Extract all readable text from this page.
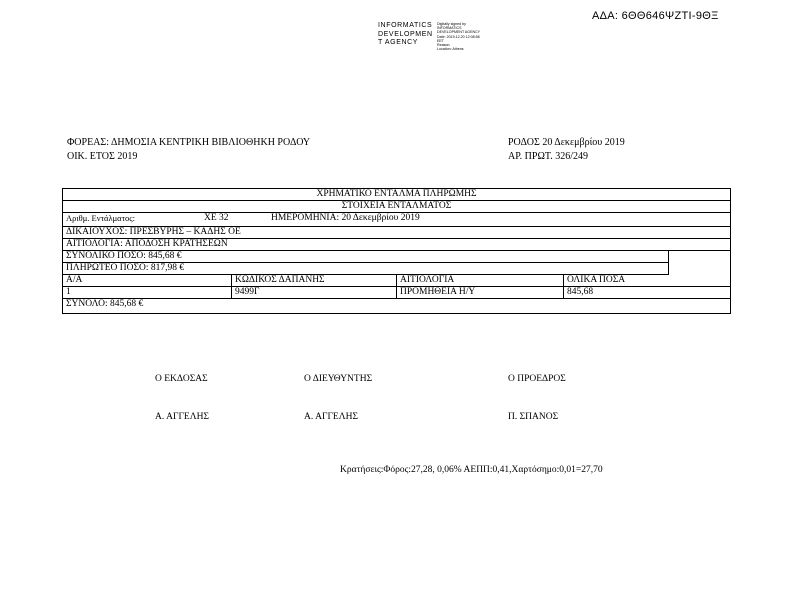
ΑΔΑ: 6ΘΘ646ΨΖΤΙ-9ΘΞ
INFORMATICS
DEVELOPMEN
T AGENCY
Digitally signed by
INFORMATICS
DEVELOPMENT AGENCY
Date: 2019.12.20 12:08:58
EET
Reason:
Location: Athens
ΦΟΡΕΑΣ: ΔΗΜΟΣΙΑ ΚΕΝΤΡΙΚΗ ΒΙΒΛΙΟΘΗΚΗ ΡΟΔΟΥ
ΟΙΚ. ΕΤΟΣ 2019
ΡΟΔΟΣ 20 Δεκεμβρίου 2019
ΑΡ. ΠΡΩΤ. 326/249
ΧΡΗΜΑΤΙΚΟ ΕΝΤΑΛΜΑ ΠΛΗΡΩΜΗΣ
ΣΤΟΙΧΕΙΑ ΕΝΤΑΛΜΑΤΟΣ
Αριθμ. Εντάλματος:	ΧΕ 32	ΗΜΕΡΟΜΗΝΙΑ: 20 Δεκεμβρίου 2019
ΔΙΚΑΙΟΥΧΟΣ: ΠΡΕΣΒΥΡΗΣ – ΚΑΔΗΣ ΟΕ
ΑΙΤΙΟΛΟΓΙΑ: ΑΠΟΔΟΣΗ ΚΡΑΤΗΣΕΩΝ
ΣΥΝΟΛΙΚΟ ΠΟΣΟ: 845,68 €
ΠΛΗΡΩΤΕΟ ΠΟΣΟ: 817,98 €
Α/Α	ΚΩΔΙΚΟΣ ΔΑΠΑΝΗΣ	ΑΙΤΙΟΛΟΓΙΑ	ΟΛΙΚΑ ΠΟΣΑ
1	9499Γ	ΠΡΟΜΗΘΕΙΑ Η/Υ	845,68
ΣΥΝΟΛΟ: 845,68 €
Ο ΕΚΔΟΣΑΣ	Ο ΔΙΕΥΘΥΝΤΗΣ	Ο ΠΡΟΕΔΡΟΣ
Α. ΑΓΓΕΛΗΣ	Α. ΑΓΓΕΛΗΣ	Π. ΣΠΑΝΟΣ
Κρατήσεις:Φόρος:27,28, 0,06% ΑΕΠΠ:0,41,Χαρτόσημο:0,01=27,70
